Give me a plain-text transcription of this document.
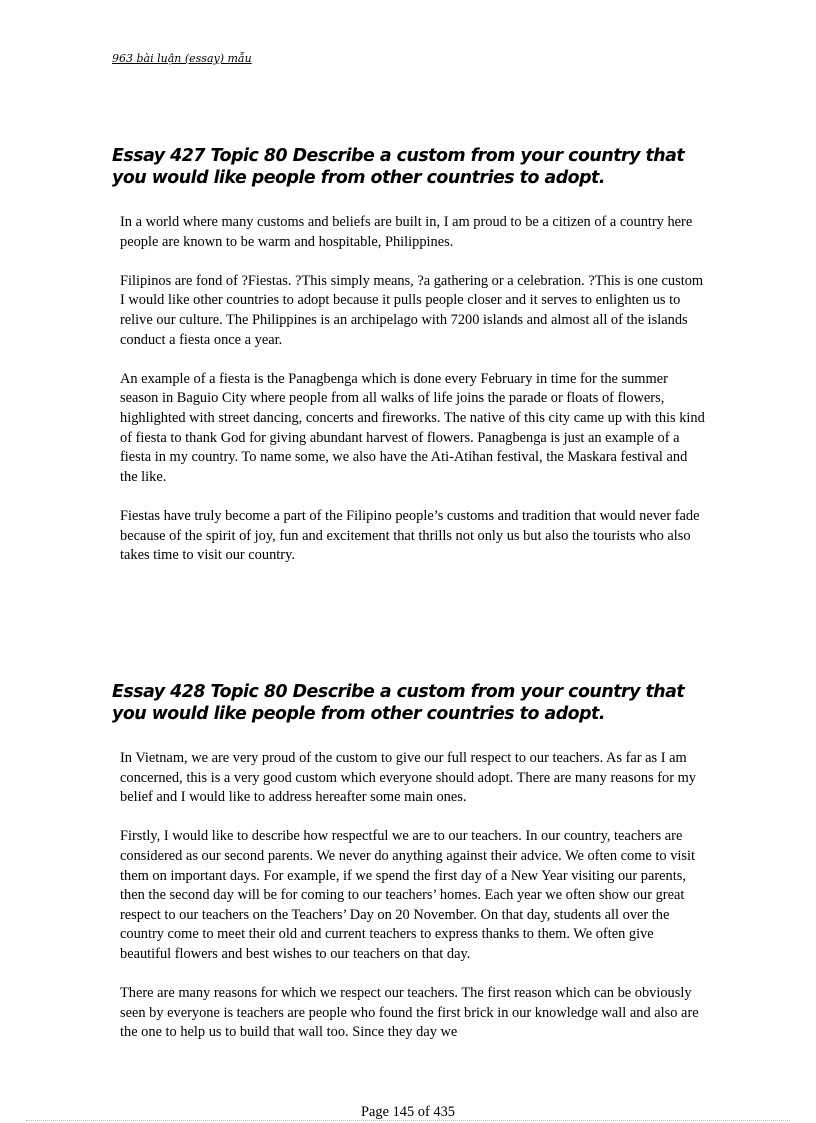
963 bài luận (essay) mẫu
Essay 427 Topic 80 Describe a custom from your country that
you would like people from other countries to adopt.

In a world where many customs and beliefs are built in, I am proud to be a citizen of a country here people are known to be warm and hospitable, Philippines.

Filipinos are fond of ?Fiestas. ?This simply means, ?a gathering or a celebration. ?This is one custom I would like other countries to adopt because it pulls people closer and it serves to enlighten us to relive our culture. The Philippines is an archipelago with 7200 islands and almost all of the islands conduct a fiesta once a year.

An example of a fiesta is the Panagbenga which is done every February in time for the summer season in Baguio City where people from all walks of life joins the parade or floats of flowers, highlighted with street dancing, concerts and fireworks. The native of this city came up with this kind of fiesta to thank God for giving abundant harvest of flowers. Panagbenga is just an example of a fiesta in my country. To name some, we also have the Ati-Atihan festival, the Maskara festival and the like.

Fiestas have truly become a part of the Filipino people’s customs and tradition that would never fade because of the spirit of joy, fun and excitement that thrills not only us but also the tourists who also takes time to visit our country.

Essay 428 Topic 80 Describe a custom from your country that
you would like people from other countries to adopt.

In Vietnam, we are very proud of the custom to give our full respect to our teachers. As far as I am concerned, this is a very good custom which everyone should adopt. There are many reasons for my belief and I would like to address hereafter some main ones.

Firstly, I would like to describe how respectful we are to our teachers. In our country, teachers are considered as our second parents. We never do anything against their advice. We often come to visit them on important days. For example, if we spend the first day of a New Year visiting our parents, then the second day will be for coming to our teachers’ homes. Each year we often show our great respect to our teachers on the Teachers’ Day on 20 November. On that day, students all over the country come to meet their old and current teachers to express thanks to them. We often give beautiful flowers and best wishes to our teachers on that day.

There are many reasons for which we respect our teachers. The first reason which can be obviously seen by everyone is teachers are people who found the first brick in our knowledge wall and also are the one to help us to build that wall too. Since they day we

Page 145 of 435
